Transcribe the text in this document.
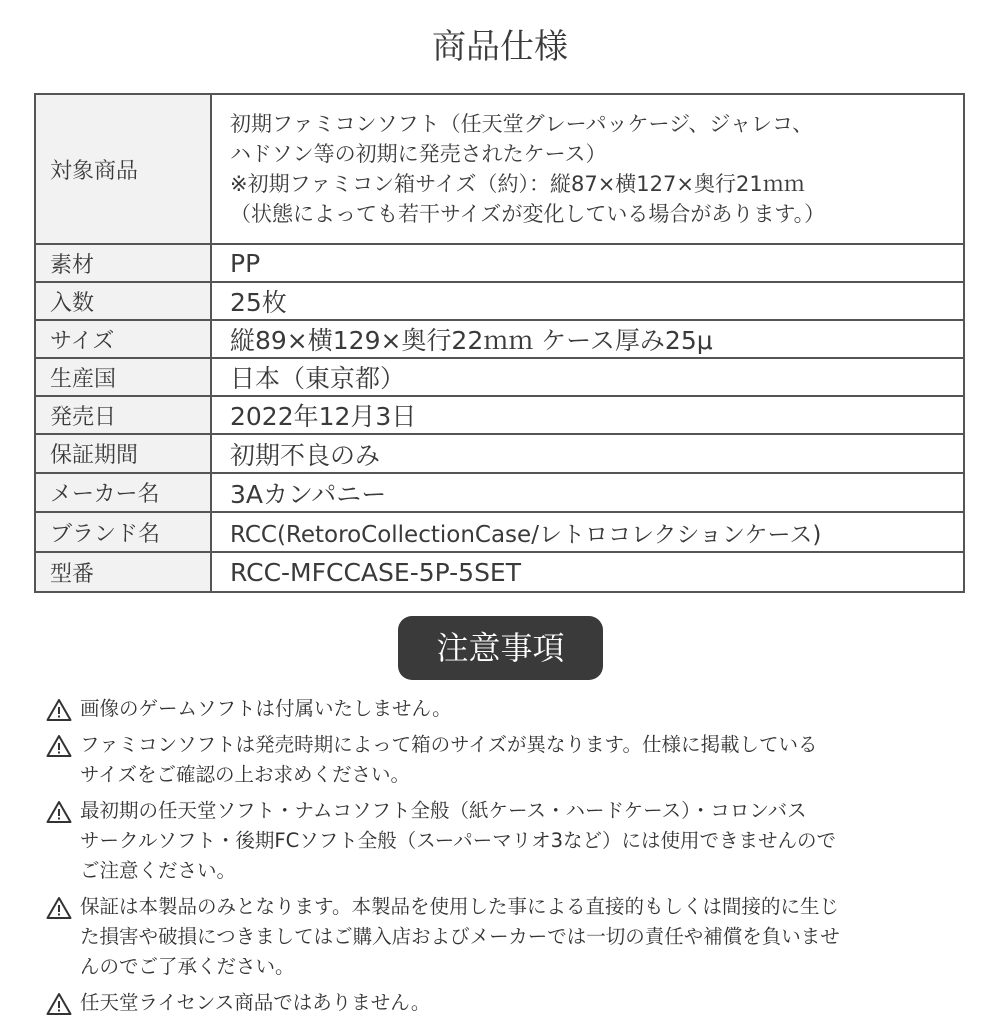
商品仕様
対象商品	初期ファミコンソフト（任天堂グレーパッケージ、ジャレコ、
ハドソン等の初期に発売されたケース）
※初期ファミコン箱サイズ（約）：縦87×横127×奥行21ｍｍ
（状態によっても若干サイズが変化している場合があります。）

素材	PP
入数	25枚
サイズ	縦89×横129×奥行22ｍｍ ケース厚み25μ
生産国	日本（東京都）
発売日	2022年12月3日
保証期間	初期不良のみ
メーカー名	3Aカンパニー
ブランド名	RCC(RetoroCollectionCase/レトロコレクションケース)
型番	RCC-MFCCASE-5P-5SET
注意事項
画像のゲームソフトは付属いたしません。
ファミコンソフトは発売時期によって箱のサイズが異なります。仕様に掲載している
サイズをご確認の上お求めください。
最初期の任天堂ソフト・ナムコソフト全般（紙ケース・ハードケース）・コロンバス
サークルソフト・後期FCソフト全般（スーパーマリオ3など）には使用できませんので
ご注意ください。
保証は本製品のみとなります。本製品を使用した事による直接的もしくは間接的に生じ
た損害や破損につきましてはご購入店およびメーカーでは一切の責任や補償を負いませ
んのでご了承ください。
任天堂ライセンス商品ではありません。
